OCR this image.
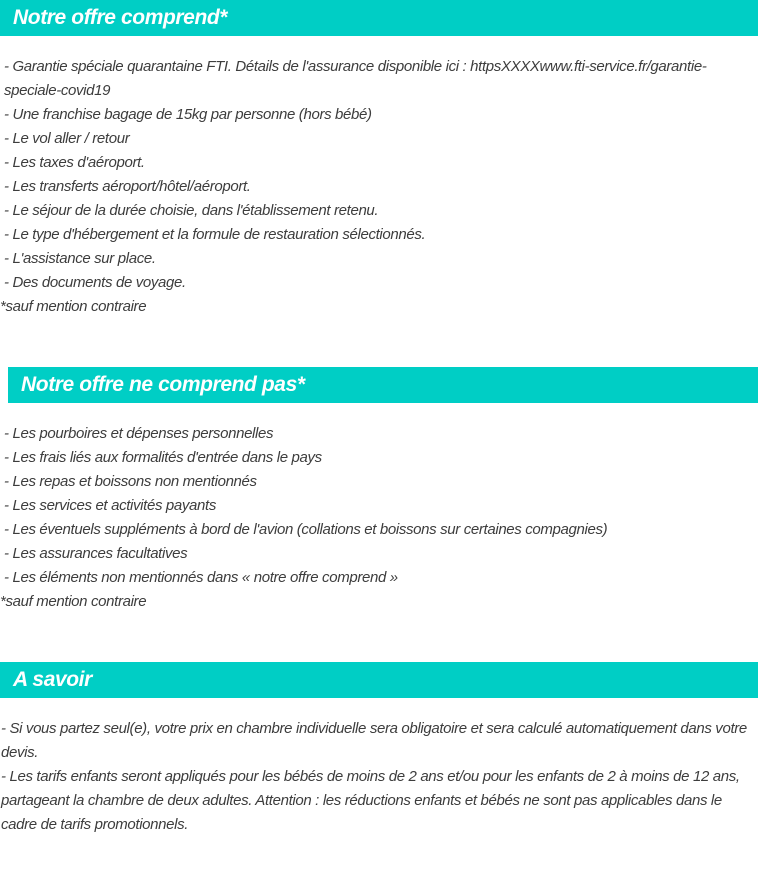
Notre offre comprend*

- Garantie spéciale quarantaine FTI. Détails de l'assurance disponible ici : httpsXXXXwww.fti-service.fr/garantie-speciale-covid19

- Une franchise bagage de 15kg par personne (hors bébé)

- Le vol aller / retour

- Les taxes d'aéroport.

- Les transferts aéroport/hôtel/aéroport.

- Le séjour de la durée choisie, dans l'établissement retenu.

- Le type d'hébergement et la formule de restauration sélectionnés.

- L'assistance sur place.

- Des documents de voyage.

*sauf mention contraire

Notre offre ne comprend pas*

- Les pourboires et dépenses personnelles

- Les frais liés aux formalités d'entrée dans le pays

- Les repas et boissons non mentionnés

- Les services et activités payants

- Les éventuels suppléments à bord de l'avion (collations et boissons sur certaines compagnies)

- Les assurances facultatives

- Les éléments non mentionnés dans « notre offre comprend »

*sauf mention contraire

A savoir

- Si vous partez seul(e), votre prix en chambre individuelle sera obligatoire et sera calculé automatiquement dans votre devis.

- Les tarifs enfants seront appliqués pour les bébés de moins de 2 ans et/ou pour les enfants de 2 à moins de 12 ans, partageant la chambre de deux adultes. Attention : les réductions enfants et bébés ne sont pas applicables dans le cadre de tarifs promotionnels.
